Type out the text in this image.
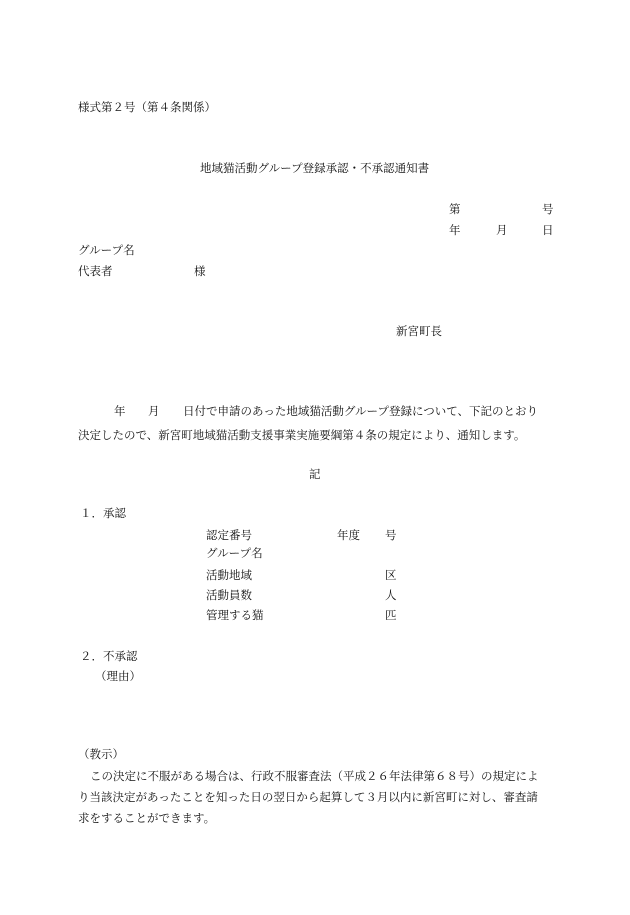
様式第２号（第４条関係）
地域猫活動グループ登録承認・不承認通知書
第	号
年	月	日
グループ名
代表者	様
新宮町長
年 月 日付で申請のあった地域猫活動グループ登録について、下記のとおり
決定したので、新宮町地域猫活動支援事業実施要綱第４条の規定により、通知します。
記
１．承認
認定番号	年度 号
グループ名
活動地域	区
活動員数	人
管理する猫	匹
２．不承認
（理由）
（教示）
この決定に不服がある場合は、行政不服審査法（平成２６年法律第６８号）の規定によ
り当該決定があったことを知った日の翌日から起算して３月以内に新宮町に対し、審査請
求をすることができます。
